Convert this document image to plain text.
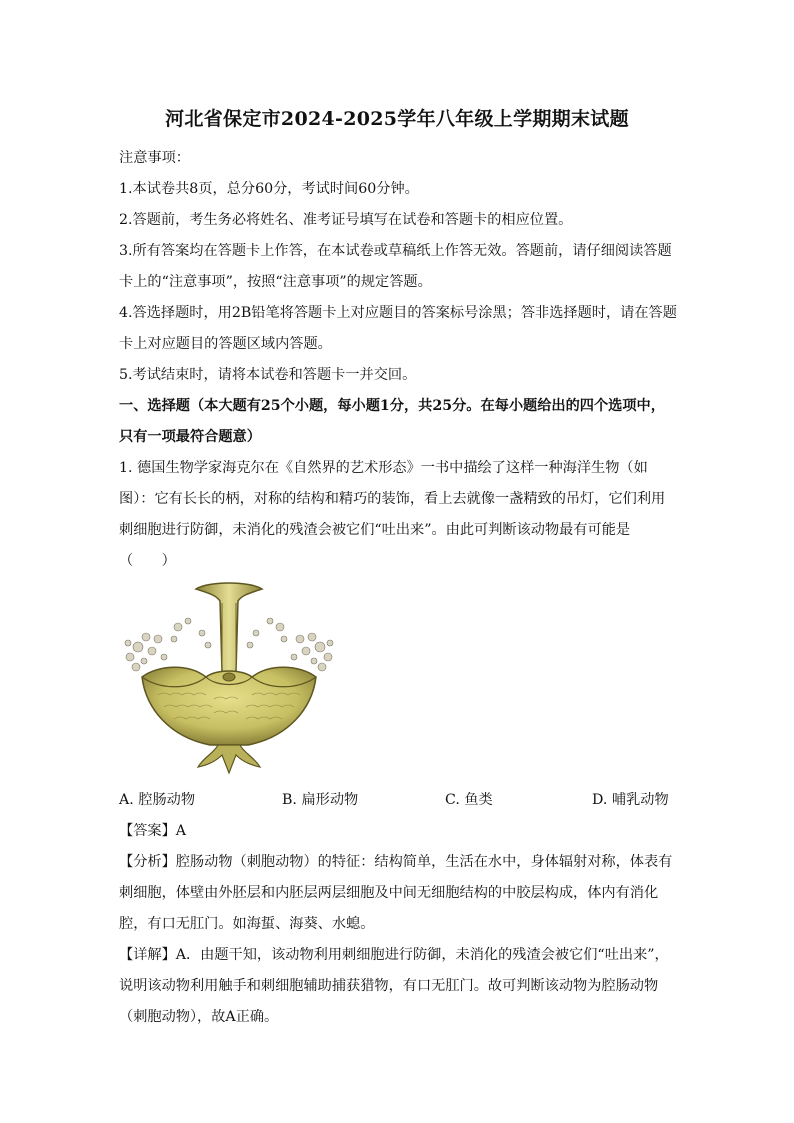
河北省保定市2024-2025学年八年级上学期期末试题
注意事项：
1.本试卷共8页，总分60分，考试时间60分钟。
2.答题前，考生务必将姓名、准考证号填写在试卷和答题卡的相应位置。
3.所有答案均在答题卡上作答，在本试卷或草稿纸上作答无效。答题前，请仔细阅读答题
卡上的“注意事项”，按照“注意事项”的规定答题。
4.答选择题时，用2B铅笔将答题卡上对应题目的答案标号涂黑；答非选择题时，请在答题
卡上对应题目的答题区域内答题。
5.考试结束时，请将本试卷和答题卡一并交回。
一、选择题（本大题有25个小题，每小题1分，共25分。在每小题给出的四个选项中，
只有一项最符合题意）
1. 德国生物学家海克尔在《自然界的艺术形态》一书中描绘了这样一种海洋生物（如
图）：它有长长的柄，对称的结构和精巧的装饰，看上去就像一盏精致的吊灯，它们利用
刺细胞进行防御，未消化的残渣会被它们“吐出来”。由此可判断该动物最有可能是
（　　）
A. 腔肠动物	B. 扁形动物	C. 鱼类	D. 哺乳动物
【答案】A
【分析】腔肠动物（刺胞动物）的特征：结构简单，生活在水中，身体辐射对称，体表有
刺细胞，体壁由外胚层和内胚层两层细胞及中间无细胞结构的中胶层构成，体内有消化
腔，有口无肛门。如海蜇、海葵、水螅。
【详解】A．由题干知，该动物利用刺细胞进行防御，未消化的残渣会被它们“吐出来”，
说明该动物利用触手和刺细胞辅助捕获猎物，有口无肛门。故可判断该动物为腔肠动物
（刺胞动物），故A正确。
